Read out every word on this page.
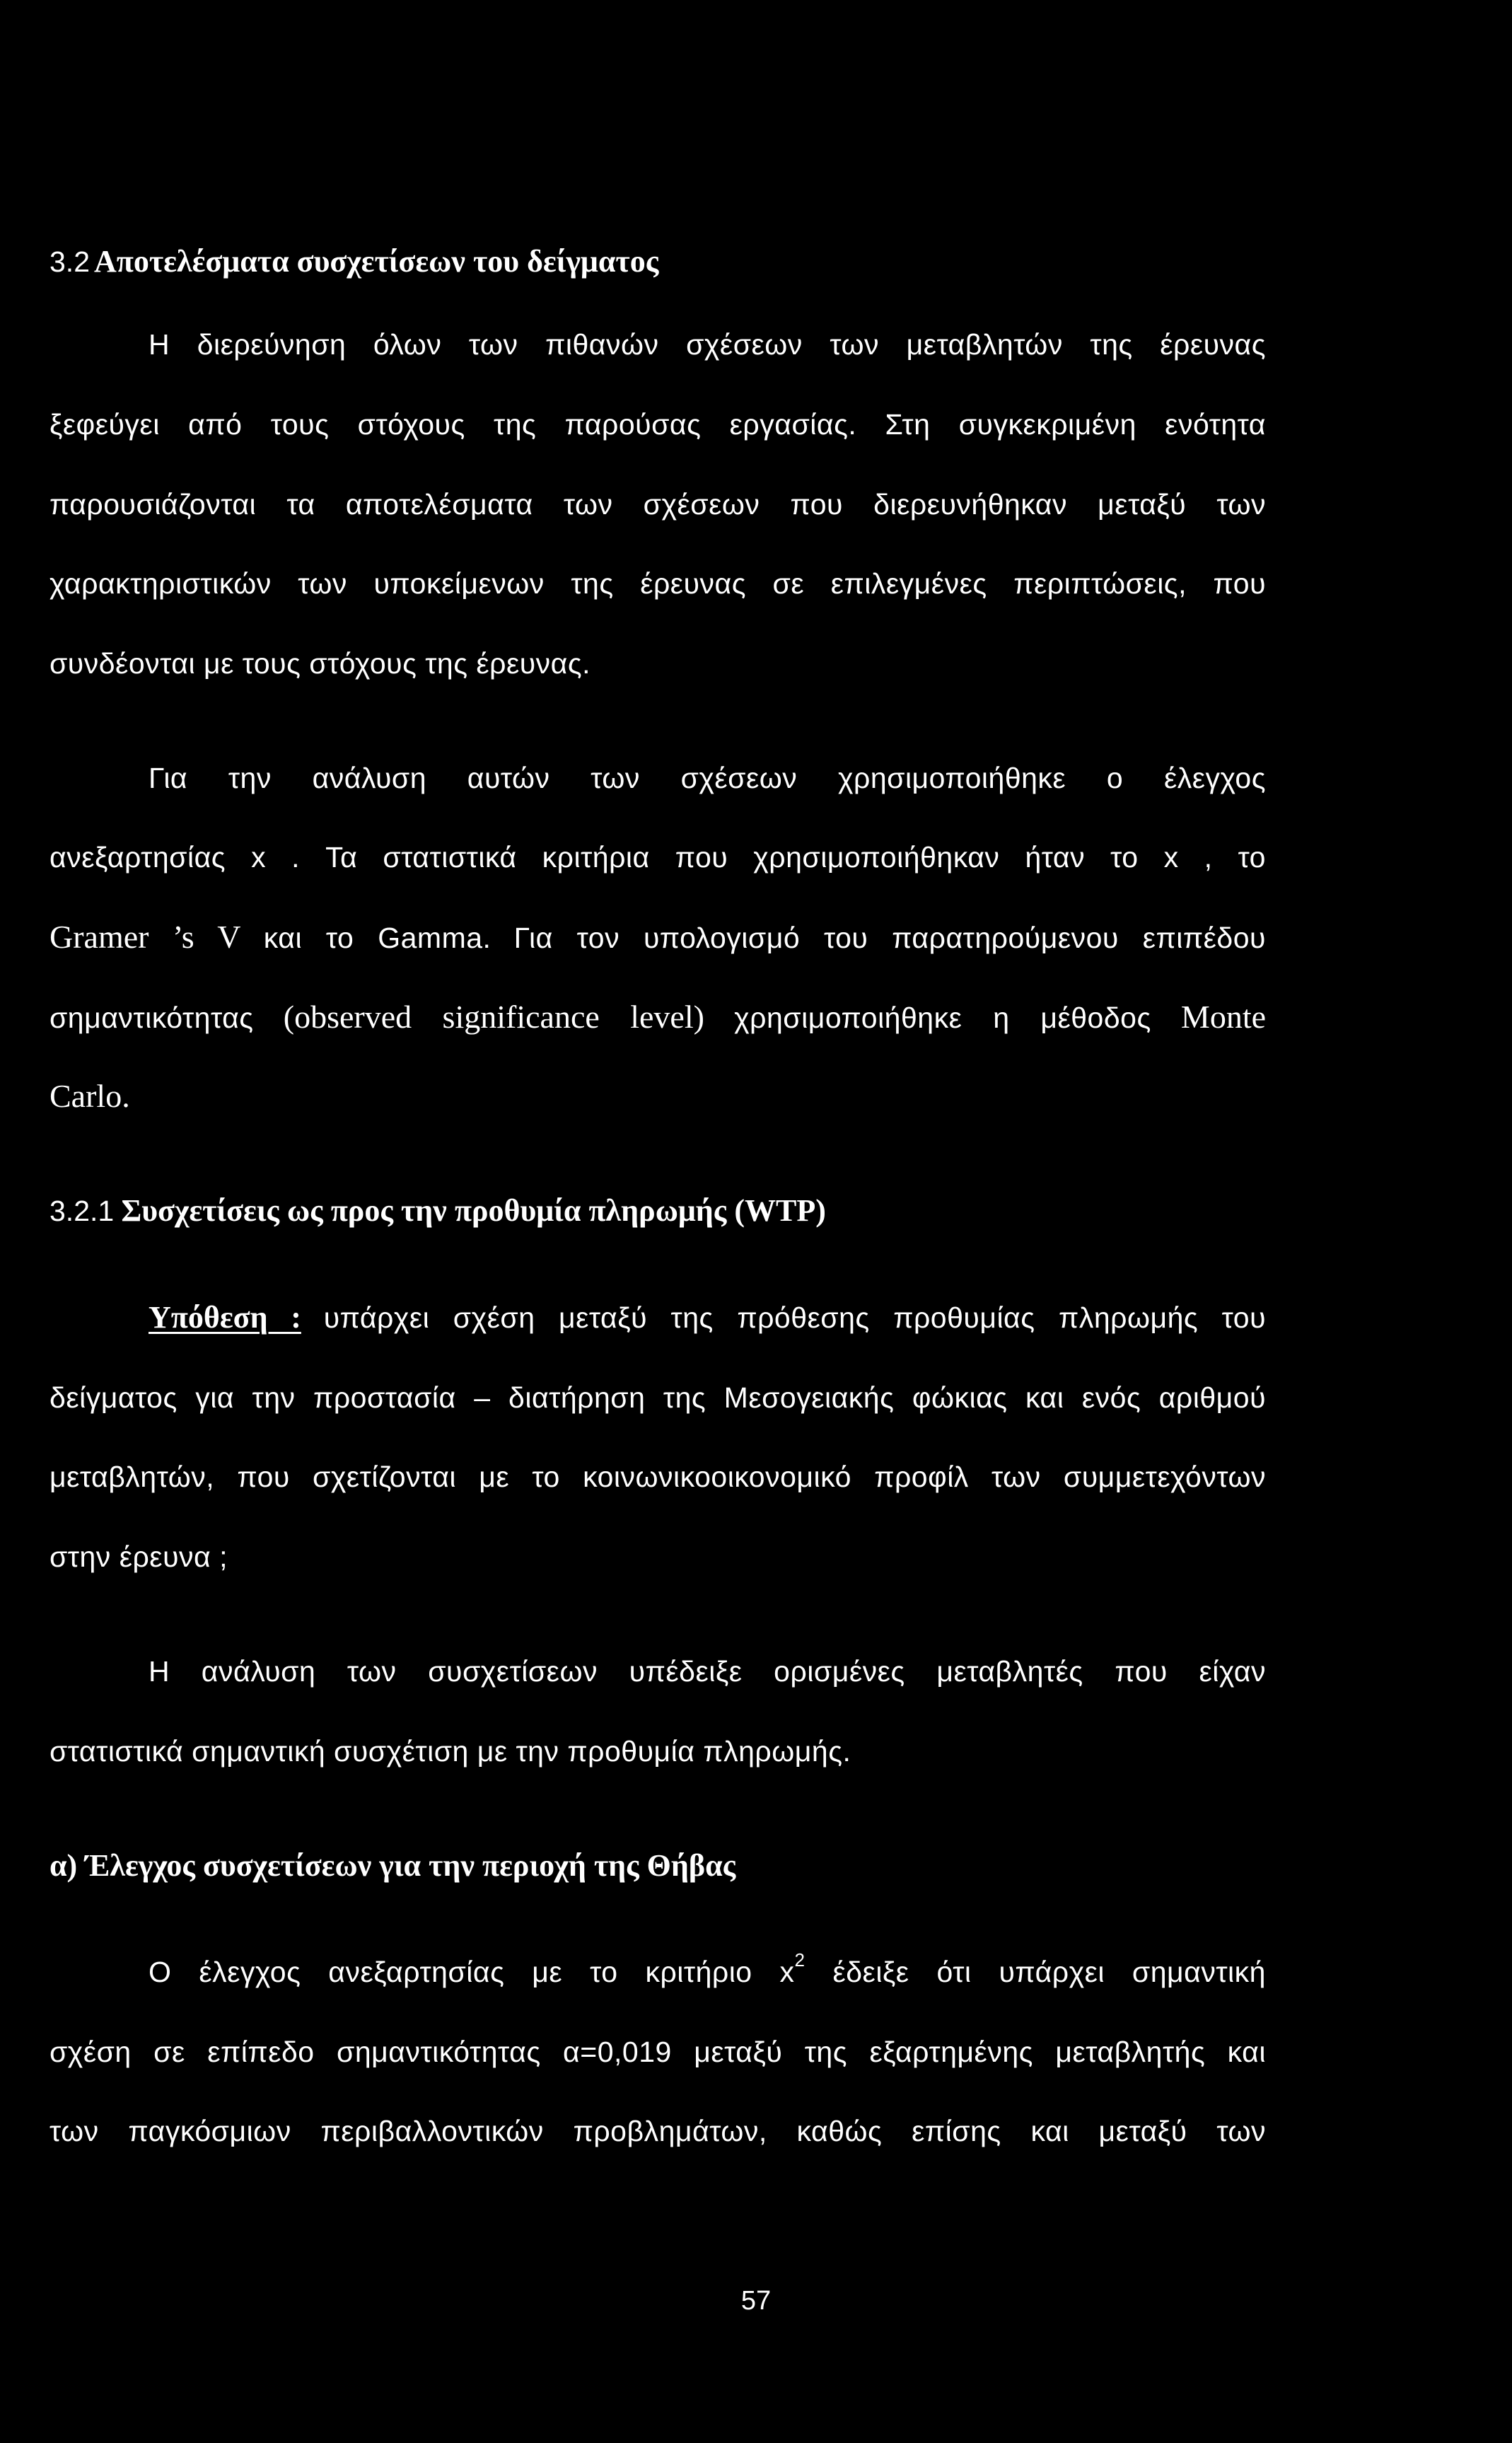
3.2 Αποτελέσματα συσχετίσεων του δείγματος
Η διερεύνηση όλων των πιθανών σχέσεων των μεταβλητών της έρευνας
ξεφεύγει από τους στόχους της παρούσας εργασίας. Στη συγκεκριμένη ενότητα
παρουσιάζονται τα αποτελέσματα των σχέσεων που διερευνήθηκαν μεταξύ των
χαρακτηριστικών των υποκείμενων της έρευνας σε επιλεγμένες περιπτώσεις, που
συνδέονται με τους στόχους της έρευνας.
Για την ανάλυση αυτών των σχέσεων χρησιμοποιήθηκε ο έλεγχος
ανεξαρτησίας x . Τα στατιστικά κριτήρια που χρησιμοποιήθηκαν ήταν το x , το
Gramer ’s V και το Gamma. Για τον υπολογισμό του παρατηρούμενου επιπέδου
σημαντικότητας (observed significance level) χρησιμοποιήθηκε η μέθοδος Monte
Carlo.
3.2.1 Συσχετίσεις ως προς την προθυμία πληρωμής (WTP)
Υπόθεση : υπάρχει σχέση μεταξύ της πρόθεσης προθυμίας πληρωμής του
δείγματος για την προστασία – διατήρηση της Μεσογειακής φώκιας και ενός αριθμού
μεταβλητών, που σχετίζονται με το κοινωνικοοικονομικό προφίλ των συμμετεχόντων
στην έρευνα ;
Η ανάλυση των συσχετίσεων υπέδειξε ορισμένες μεταβλητές που είχαν
στατιστικά σημαντική συσχέτιση με την προθυμία πληρωμής.
α) Έλεγχος συσχετίσεων για την περιοχή της Θήβας
Ο έλεγχος ανεξαρτησίας με το κριτήριο $x^2$ έδειξε ότι υπάρχει σημαντική
σχέση σε επίπεδο σημαντικότητας α=0,019 μεταξύ της εξαρτημένης μεταβλητής και
των παγκόσμιων περιβαλλοντικών προβλημάτων, καθώς επίσης και μεταξύ των
57
